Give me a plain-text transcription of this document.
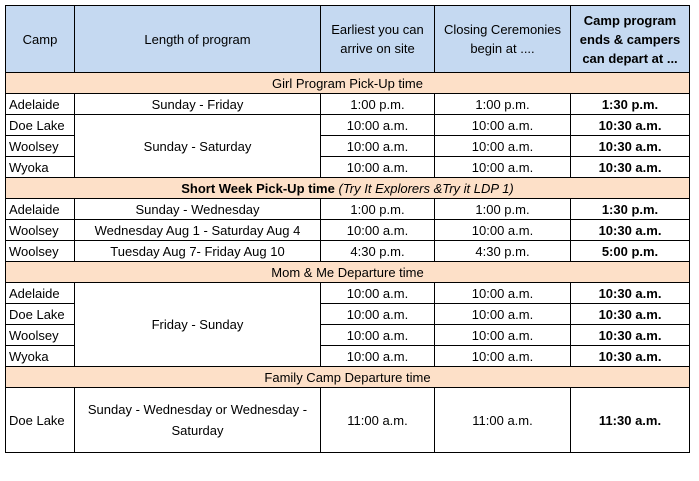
Camp	Length of program	Earliest you can arrive on site	Closing Ceremonies begin at ....	Camp program ends & campers can depart at ...
Girl Program Pick-Up time				
Adelaide	Sunday - Friday	1:00 p.m.	1:00 p.m.	1:30 p.m.
Doe Lake	Sunday - Saturday	10:00 a.m.	10:00 a.m.	10:30 a.m.
Woolsey		10:00 a.m.	10:00 a.m.	10:30 a.m.
Wyoka		10:00 a.m.	10:00 a.m.	10:30 a.m.
Short Week Pick-Up time (Try It Explorers &Try it LDP 1)				
Adelaide	Sunday - Wednesday	1:00 p.m.	1:00 p.m.	1:30 p.m.
Woolsey	Wednesday Aug 1 - Saturday Aug 4	10:00 a.m.	10:00 a.m.	10:30 a.m.
Woolsey	Tuesday Aug 7- Friday Aug 10	4:30 p.m.	4:30 p.m.	5:00 p.m.
Mom & Me Departure time				
Adelaide	Friday - Sunday	10:00 a.m.	10:00 a.m.	10:30 a.m.
Doe Lake		10:00 a.m.	10:00 a.m.	10:30 a.m.
Woolsey		10:00 a.m.	10:00 a.m.	10:30 a.m.
Wyoka		10:00 a.m.	10:00 a.m.	10:30 a.m.
Family Camp Departure time				
Doe Lake	Sunday - Wednesday or Wednesday - Saturday	11:00 a.m.	11:00 a.m.	11:30 a.m.
